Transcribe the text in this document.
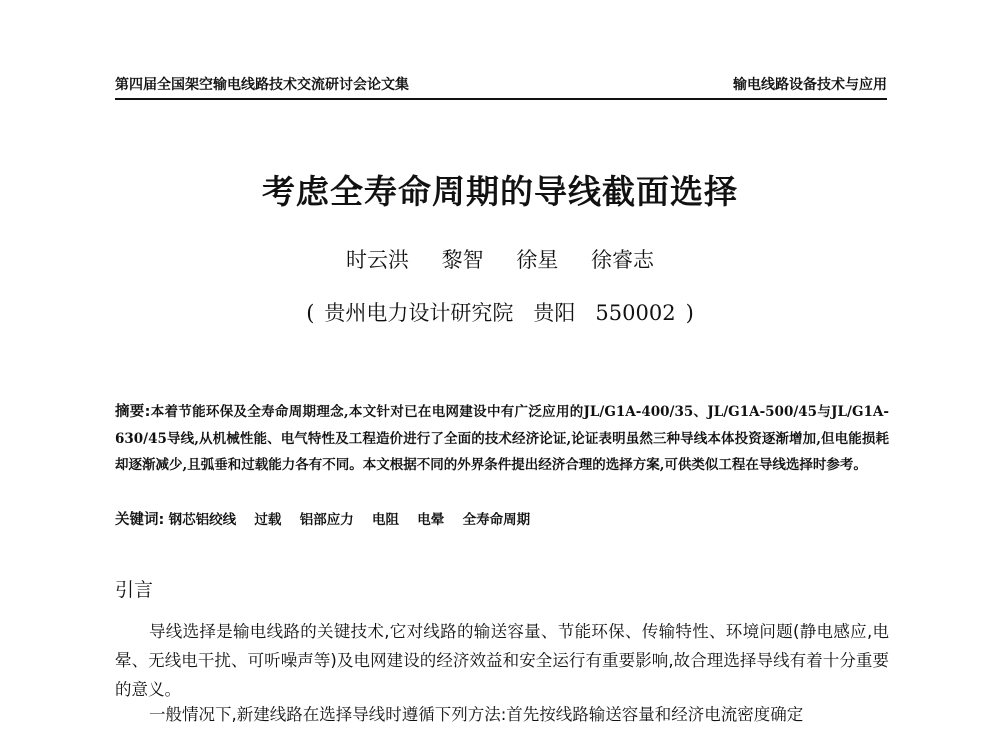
第四届全国架空输电线路技术交流研讨会论文集	输电线路设备技术与应用
考虑全寿命周期的导线截面选择
时云洪 黎智 徐星 徐睿志
( 贵州电力设计研究院 贵阳 550002 )
摘要:本着节能环保及全寿命周期理念,本文针对已在电网建设中有广泛应用的JL/G1A-400/35、JL/G1A-500/45与JL/G1A-630/45导线,从机械性能、电气特性及工程造价进行了全面的技术经济论证,论证表明虽然三种导线本体投资逐渐增加,但电能损耗却逐渐减少,且弧垂和过载能力各有不同。本文根据不同的外界条件提出经济合理的选择方案,可供类似工程在导线选择时参考。
关键词: 钢芯铝绞线 过载 铝部应力 电阻 电晕 全寿命周期
引言
导线选择是输电线路的关键技术,它对线路的输送容量、节能环保、传输特性、环境问题(静电感应,电晕、无线电干扰、可听噪声等)及电网建设的经济效益和安全运行有重要影响,故合理选择导线有着十分重要的意义。
一般情况下,新建线路在选择导线时遵循下列方法:首先按线路输送容量和经济电流密度确定
